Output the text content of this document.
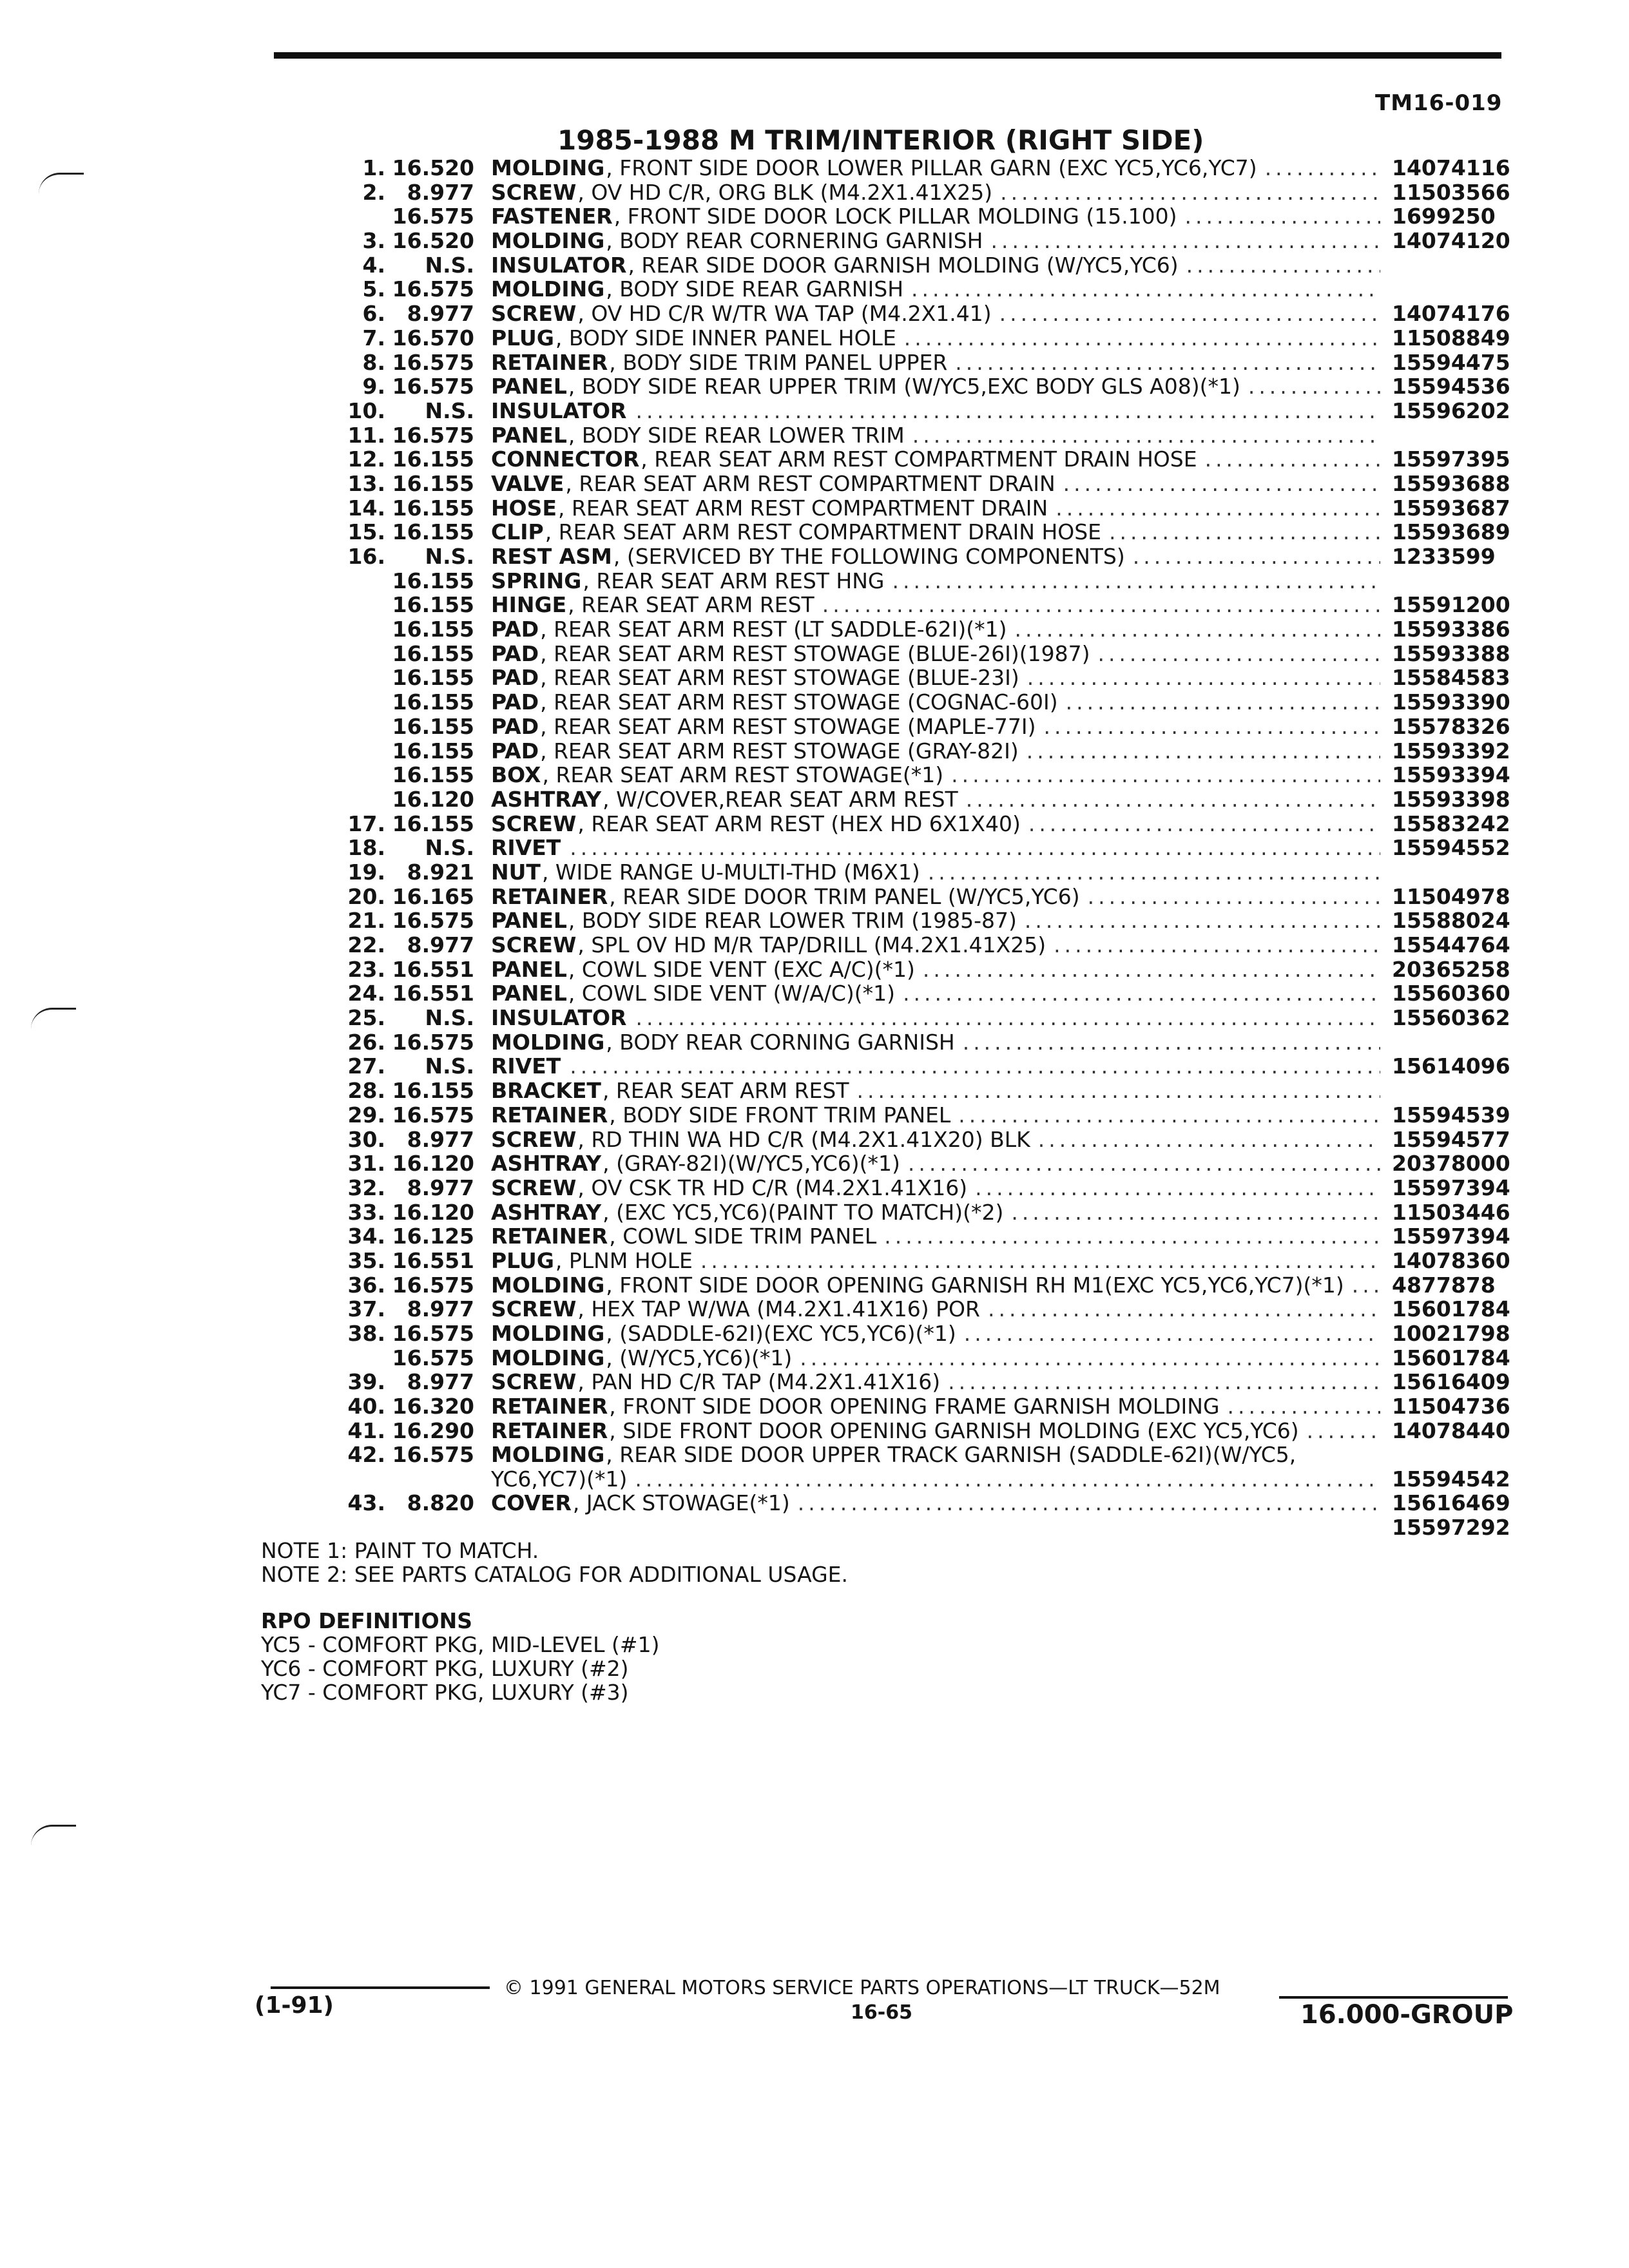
TM16-019
1985-1988 M TRIM/INTERIOR (RIGHT SIDE)
1. 16.520 MOLDING , FRONT SIDE DOOR LOWER PILLAR GARN (EXC YC5,YC6,YC7) .....	14074116
2. 8.977 SCREW , OV HD C/R, ORG BLK (M4.2X1.41X25) .....	11503566
16.575 FASTENER , FRONT SIDE DOOR LOCK PILLAR MOLDING (15.100) .....	1699250
3. 16.520 MOLDING , BODY REAR CORNERING GARNISH .....	14074120
4. N.S. INSULATOR , REAR SIDE DOOR GARNISH MOLDING (W/YC5,YC6)
.....
5. 16.575 MOLDING , BODY SIDE REAR GARNISH
.....
6. 8.977 SCREW , OV HD C/R W/TR WA TAP (M4.2X1.41) .....	14074176
7. 16.570 PLUG , BODY SIDE INNER PANEL HOLE .....	11508849
8. 16.575 RETAINER , BODY SIDE TRIM PANEL UPPER .....	15594475
9. 16.575 PANEL , BODY SIDE REAR UPPER TRIM (W/YC5,EXC BODY GLS A08)(*1) .....	15594536
10. N.S. INSULATOR .....	15596202
11. 16.575 PANEL , BODY SIDE REAR LOWER TRIM
.....
12. 16.155 CONNECTOR , REAR SEAT ARM REST COMPARTMENT DRAIN HOSE .....	15597395
13. 16.155 VALVE , REAR SEAT ARM REST COMPARTMENT DRAIN .....	15593688
14. 16.155 HOSE , REAR SEAT ARM REST COMPARTMENT DRAIN .....	15593687
15. 16.155 CLIP , REAR SEAT ARM REST COMPARTMENT DRAIN HOSE .....	15593689
16. N.S. REST ASM , (SERVICED BY THE FOLLOWING COMPONENTS) .....	1233599
16.155 SPRING , REAR SEAT ARM REST HNG
.....
16.155 HINGE , REAR SEAT ARM REST .....	15591200
16.155 PAD , REAR SEAT ARM REST (LT SADDLE-62I)(*1) .....	15593386
16.155 PAD , REAR SEAT ARM REST STOWAGE (BLUE-26I)(1987) .....	15593388
16.155 PAD , REAR SEAT ARM REST STOWAGE (BLUE-23I) .....	15584583
16.155 PAD , REAR SEAT ARM REST STOWAGE (COGNAC-60I) .....	15593390
16.155 PAD , REAR SEAT ARM REST STOWAGE (MAPLE-77I) .....	15578326
16.155 PAD , REAR SEAT ARM REST STOWAGE (GRAY-82I) .....	15593392
16.155 BOX , REAR SEAT ARM REST STOWAGE(*1) .....	15593394
16.120 ASHTRAY , W/COVER,REAR SEAT ARM REST .....	15593398
17. 16.155 SCREW , REAR SEAT ARM REST (HEX HD 6X1X40) .....	15583242
18. N.S. RIVET .....	15594552
19. 8.921 NUT , WIDE RANGE U-MULTI-THD (M6X1)
.....
20. 16.165 RETAINER , REAR SIDE DOOR TRIM PANEL (W/YC5,YC6) .....	11504978
21. 16.575 PANEL , BODY SIDE REAR LOWER TRIM (1985-87) .....	15588024
22. 8.977 SCREW , SPL OV HD M/R TAP/DRILL (M4.2X1.41X25) .....	15544764
23. 16.551 PANEL , COWL SIDE VENT (EXC A/C)(*1) .....	20365258
24. 16.551 PANEL , COWL SIDE VENT (W/A/C)(*1) .....	15560360
25. N.S. INSULATOR .....	15560362
26. 16.575 MOLDING , BODY REAR CORNING GARNISH
.....
27. N.S. RIVET .....	15614096
28. 16.155 BRACKET , REAR SEAT ARM REST
.....
29. 16.575 RETAINER , BODY SIDE FRONT TRIM PANEL .....	15594539
30. 8.977 SCREW , RD THIN WA HD C/R (M4.2X1.41X20) BLK .....	15594577
31. 16.120 ASHTRAY , (GRAY-82I)(W/YC5,YC6)(*1) .....	20378000
32. 8.977 SCREW , OV CSK TR HD C/R (M4.2X1.41X16) .....	15597394
33. 16.120 ASHTRAY , (EXC YC5,YC6)(PAINT TO MATCH)(*2) .....	11503446
34. 16.125 RETAINER , COWL SIDE TRIM PANEL .....	15597394
35. 16.551 PLUG , PLNM HOLE .....	14078360
36. 16.575 MOLDING , FRONT SIDE DOOR OPENING GARNISH RH M1(EXC YC5,YC6,YC7)(*1) ..... 4877878
37. 8.977 SCREW , HEX TAP W/WA (M4.2X1.41X16) POR .....	15601784
38. 16.575 MOLDING , (SADDLE-62I)(EXC YC5,YC6)(*1) .....	10021798
16.575 MOLDING , (W/YC5,YC6)(*1) .....	15601784
39. 8.977 SCREW , PAN HD C/R TAP (M4.2X1.41X16) .....	15616409
40. 16.320 RETAINER , FRONT SIDE DOOR OPENING FRAME GARNISH MOLDING .....	11504736
41. 16.290 RETAINER , SIDE FRONT DOOR OPENING GARNISH MOLDING (EXC YC5,YC6) .....	14078440
42. 16.575 MOLDING , REAR SIDE DOOR UPPER TRACK GARNISH (SADDLE-62I)(W/YC5,
YC6,YC7)(*1) .....	15594542
43. 8.820 COVER , JACK STOWAGE(*1) .....	15616469
15597292
NOTE 1: PAINT TO MATCH.
NOTE 2: SEE PARTS CATALOG FOR ADDITIONAL USAGE.
RPO DEFINITIONS
YC5 - COMFORT PKG, MID-LEVEL (#1)
YC6 - COMFORT PKG, LUXURY (#2)
YC7 - COMFORT PKG, LUXURY (#3)
© 1991 GENERAL MOTORS SERVICE PARTS OPERATIONS—LT TRUCK—52M
(1-91)	16-65	16.000-GROUP
